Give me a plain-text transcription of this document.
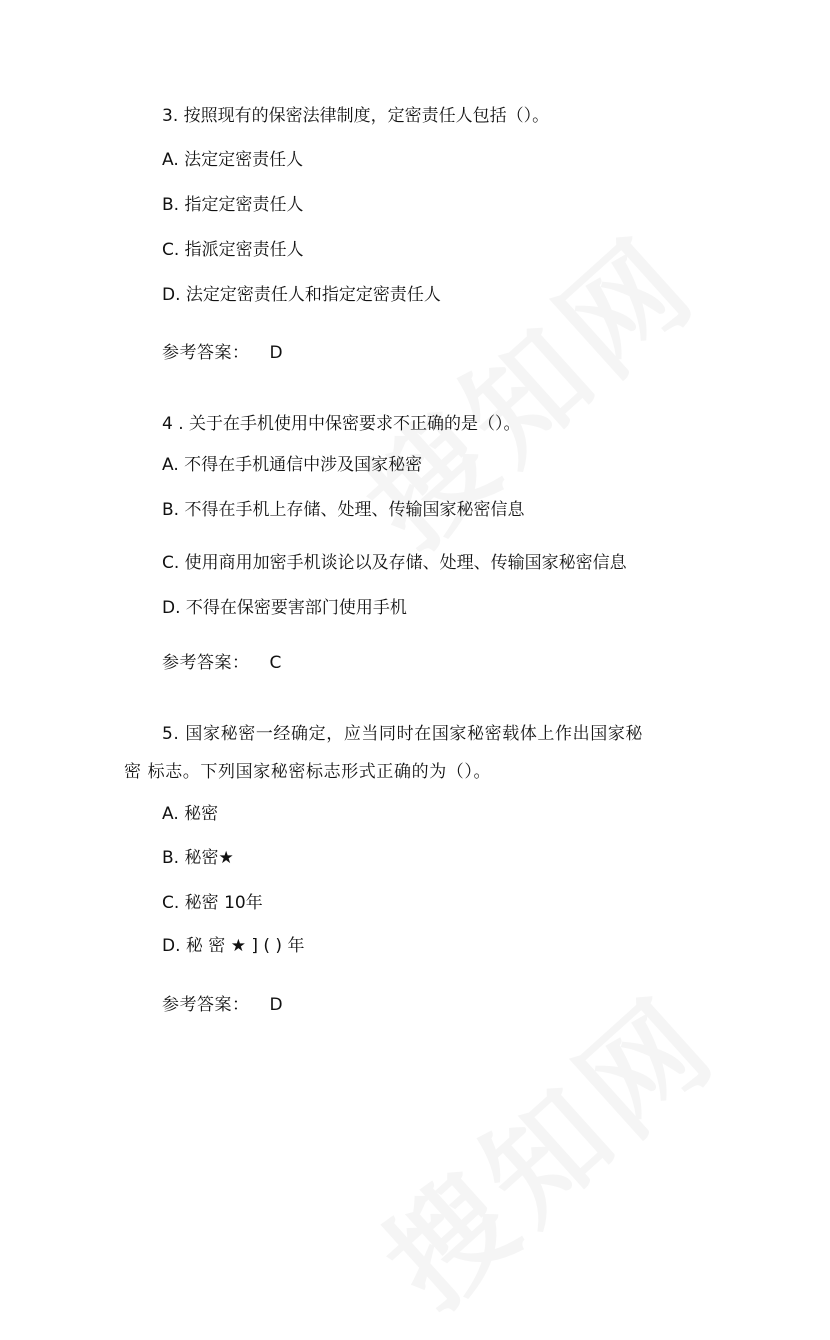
3. 按照现有的保密法律制度，定密责任人包括（）。
A. 法定定密责任人
B. 指定定密责任人
C. 指派定密责任人
D. 法定定密责任人和指定定密责任人
参考答案： D
4 . 关于在手机使用中保密要求不正确的是（）。
A. 不得在手机通信中涉及国家秘密
B. 不得在手机上存储、处理、传输国家秘密信息
C. 使用商用加密手机谈论以及存储、处理、传输国家秘密信息
D. 不得在保密要害部门使用手机
参考答案： C
5. 国家秘密一经确定，应当同时在国家秘密载体上作出国家秘
密 标志。下列国家秘密标志形式正确的为（）。
A. 秘密
B. 秘密★
C. 秘密 10年
D. 秘 密 ★ ] ( ) 年
参考答案： D
